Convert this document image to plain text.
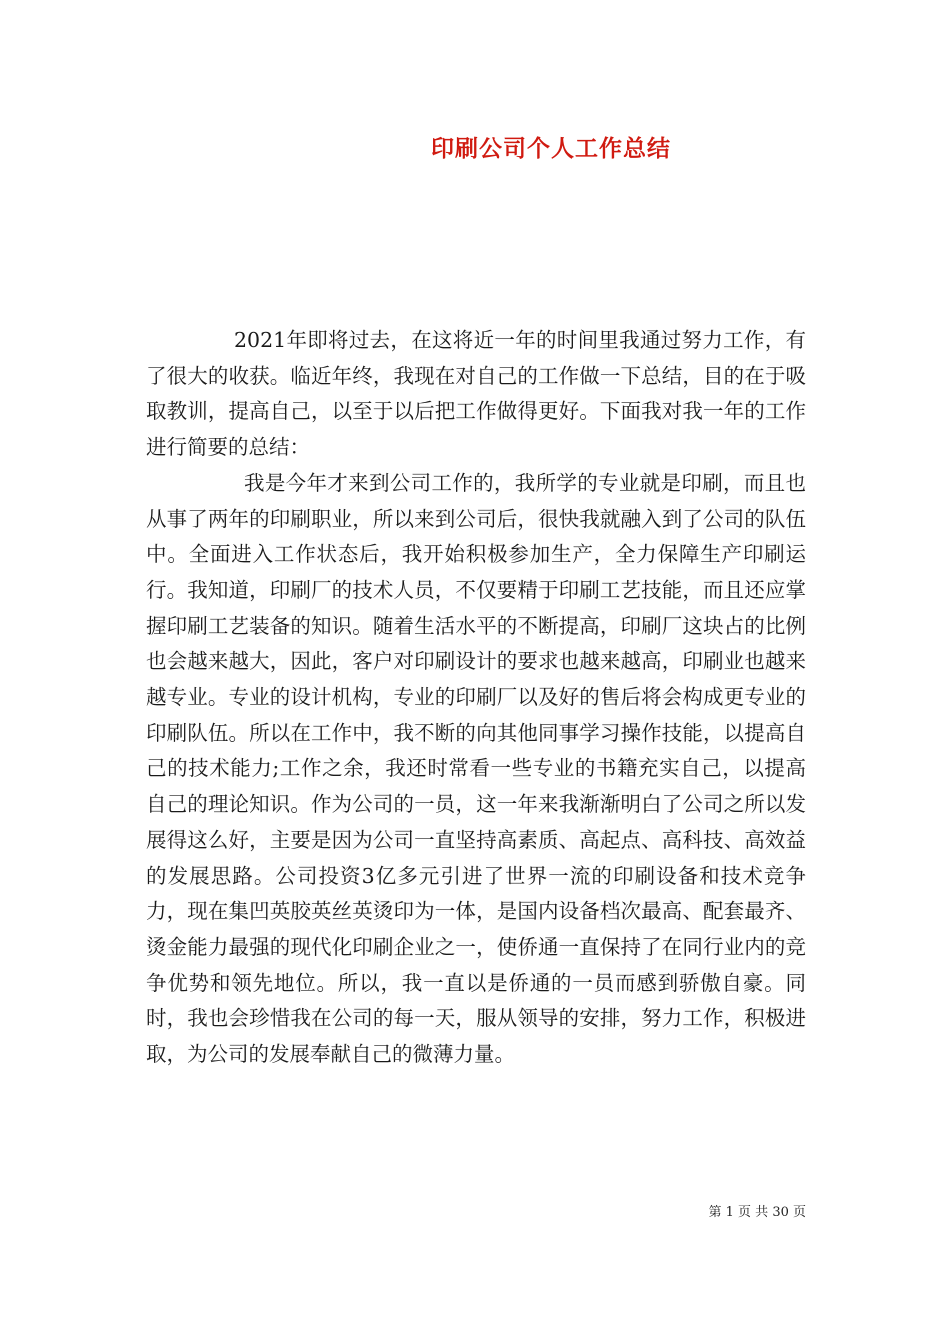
印刷公司个人工作总结

2021年即将过去，在这将近一年的时间里我通过努力工作，有了很大的收获。临近年终，我现在对自己的工作做一下总结，目的在于吸取教训，提高自己，以至于以后把工作做得更好。下面我对我一年的工作进行简要的总结：

我是今年才来到公司工作的，我所学的专业就是印刷，而且也从事了两年的印刷职业，所以来到公司后，很快我就融入到了公司的队伍中。全面进入工作状态后，我开始积极参加生产，全力保障生产印刷运行。我知道，印刷厂的技术人员，不仅要精于印刷工艺技能，而且还应掌握印刷工艺装备的知识。随着生活水平的不断提高，印刷厂这块占的比例也会越来越大，因此，客户对印刷设计的要求也越来越高，印刷业也越来越专业。专业的设计机构，专业的印刷厂以及好的售后将会构成更专业的印刷队伍。所以在工作中，我不断的向其他同事学习操作技能，以提高自己的技术能力;工作之余，我还时常看一些专业的书籍充实自己，以提高自己的理论知识。作为公司的一员，这一年来我渐渐明白了公司之所以发展得这么好，主要是因为公司一直坚持高素质、高起点、高科技、高效益的发展思路。公司投资3亿多元引进了世界一流的印刷设备和技术竞争力，现在集凹英胶英丝英烫印为一体，是国内设备档次最高、配套最齐、烫金能力最强的现代化印刷企业之一，使侨通一直保持了在同行业内的竞争优势和领先地位。所以，我一直以是侨通的一员而感到骄傲自豪。同时，我也会珍惜我在公司的每一天，服从领导的安排，努力工作，积极进取，为公司的发展奉献自己的微薄力量。

第 1 页 共 30 页
